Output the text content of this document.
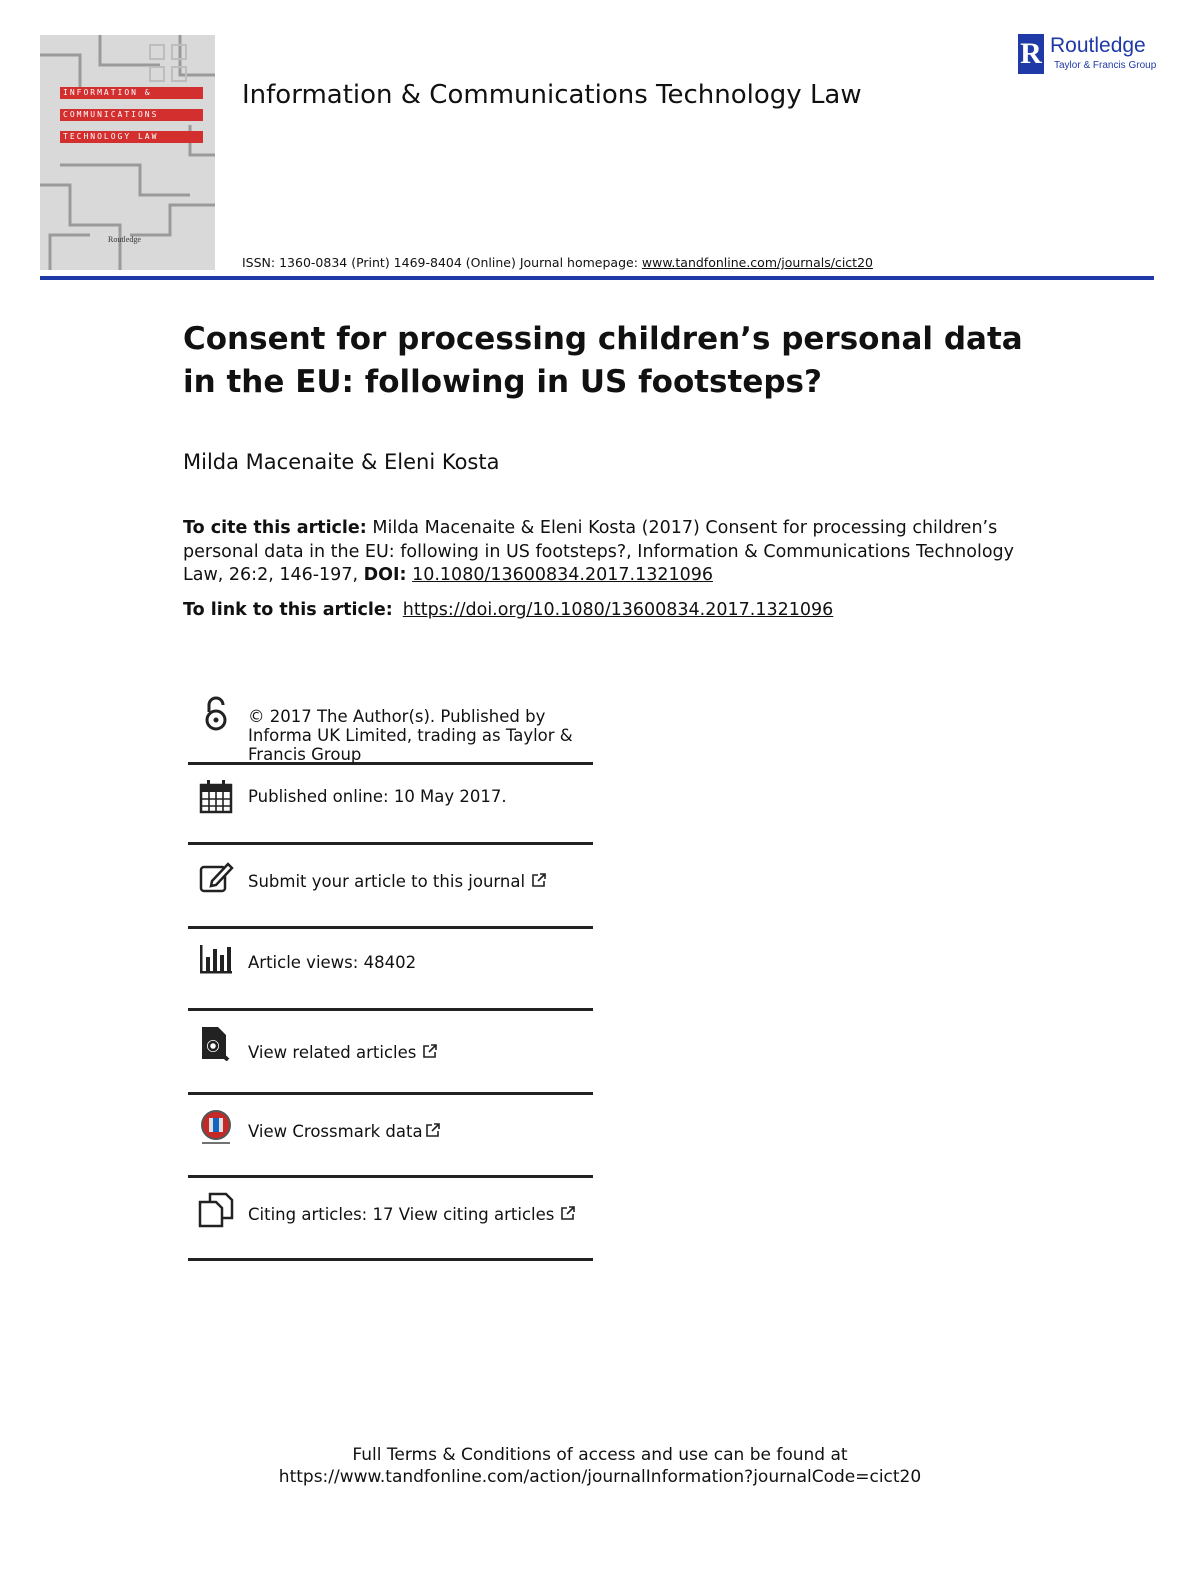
INFORMATION &
COMMUNICATIONS
TECHNOLOGY LAW
Routledge
Information & Communications Technology Law
ISSN: 1360-0834 (Print) 1469-8404 (Online) Journal homepage: www.tandfonline.com/journals/cict20
R Routledge
Taylor & Francis Group
Consent for processing children’s personal data in the EU: following in US footsteps?
Milda Macenaite & Eleni Kosta
To cite this article: Milda Macenaite & Eleni Kosta (2017) Consent for processing children’s personal data in the EU: following in US footsteps?, Information & Communications Technology Law, 26:2, 146-197, DOI: 10.1080/13600834.2017.1321096
To link to this article: https://doi.org/10.1080/13600834.2017.1321096
© 2017 The Author(s). Published by Informa UK Limited, trading as Taylor & Francis Group
Published online: 10 May 2017.
Submit your article to this journal
Article views: 48402
View related articles
View Crossmark data
Citing articles: 17 View citing articles
Full Terms & Conditions of access and use can be found at
https://www.tandfonline.com/action/journalInformation?journalCode=cict20
